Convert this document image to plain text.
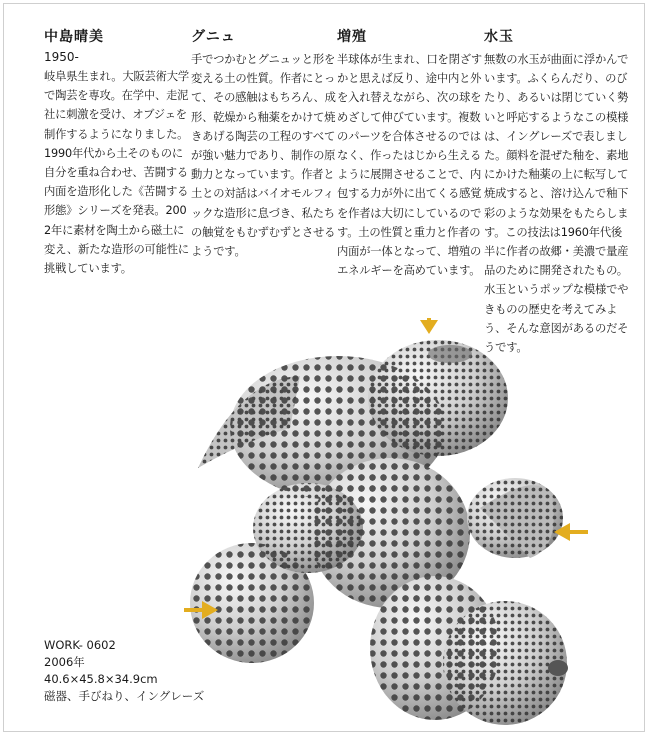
中島晴美
1950-

岐阜県生まれ。大阪芸術大学で陶芸を専攻。在学中、走泥社に刺激を受け、オブジェを制作するようになりました。1990年代から土そのものに自分を重ね合わせ、苦闘する内面を造形化した《苦闘する形態》シリーズを発表。2002年に素材を陶土から磁土に変え、新たな造形の可能性に挑戦しています。

グニュ

手でつかむとグニュッと形を変える土の性質。作者にとって、その感触はもちろん、成形、乾燥から釉薬をかけて焼きあげる陶芸の工程のすべてが強い魅力であり、制作の原動力となっています。作者と土との対話はバイオモルフィックな造形に息づき、私たちの触覚をもむずむずとさせるようです。

増殖

半球体が生まれ、口を閉ざすかと思えば反り、途中内と外を入れ替えながら、次の球をめざして伸びています。複数のパーツを合体させるのではなく、作ったはじから生えるように展開させることで、内包する力が外に出てくる感覚を作者は大切にしているのです。土の性質と重力と作者の内面が一体となって、増殖のエネルギーを高めています。

水玉

無数の水玉が曲面に浮かんでいます。ふくらんだり、のびたり、あるいは閉じていく勢いと呼応するようなこの模様は、イングレーズで表しました。顔料を混ぜた釉を、素地にかけた釉薬の上に転写して焼成すると、溶け込んで釉下彩のような効果をもたらします。この技法は1960年代後半に作者の故郷・美濃で量産品のために開発されたもの。水玉というポップな模様でやきものの歴史を考えてみよう、そんな意図があるのだそうです。

WORK- 0602
2006年
40.6×45.8×34.9cm
磁器、手びねり、イングレーズ
